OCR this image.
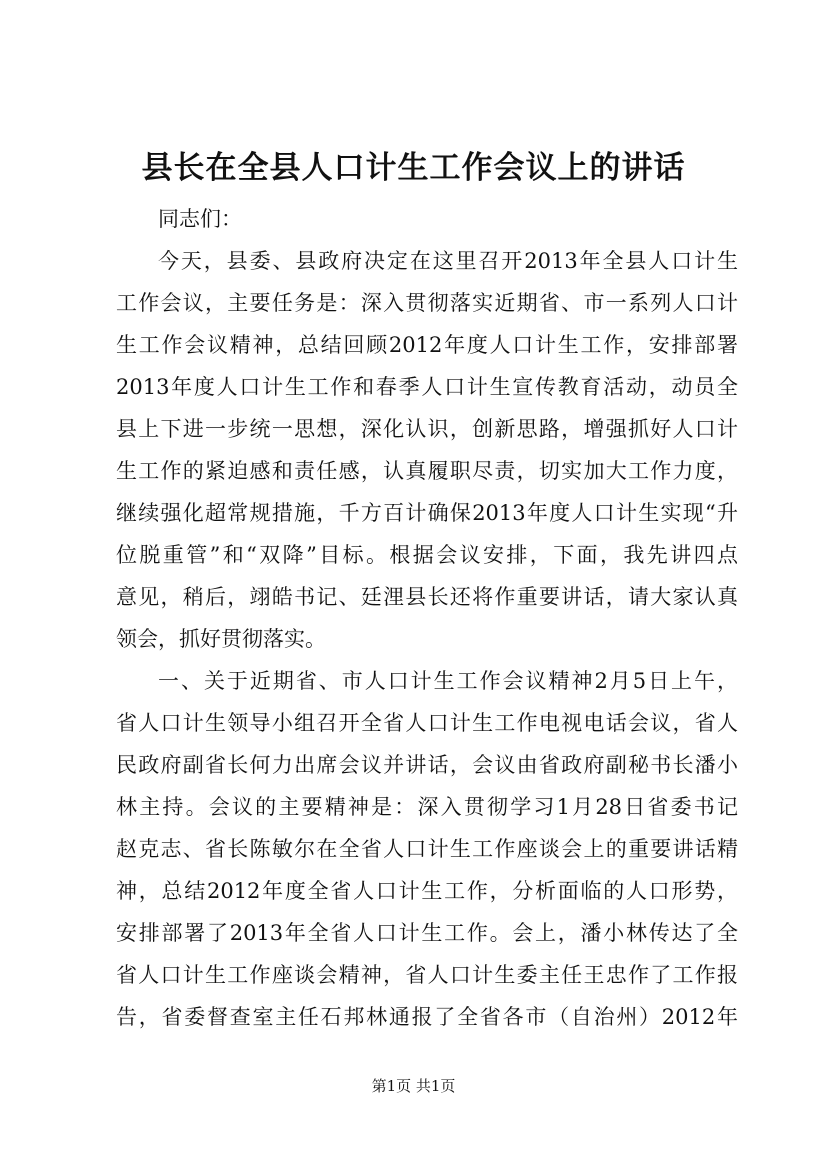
县长在全县人口计生工作会议上的讲话
同志们：
今天，县委、县政府决定在这里召开2013年全县人口计生
工作会议，主要任务是：深入贯彻落实近期省、市一系列人口计
生工作会议精神，总结回顾2012年度人口计生工作，安排部署
2013年度人口计生工作和春季人口计生宣传教育活动，动员全
县上下进一步统一思想，深化认识，创新思路，增强抓好人口计
生工作的紧迫感和责任感，认真履职尽责，切实加大工作力度，
继续强化超常规措施，千方百计确保2013年度人口计生实现“升
位脱重管”和“双降”目标。根据会议安排，下面，我先讲四点
意见，稍后，翊皓书记、廷浬县长还将作重要讲话，请大家认真
领会，抓好贯彻落实。
一、关于近期省、市人口计生工作会议精神2月5日上午，
省人口计生领导小组召开全省人口计生工作电视电话会议，省人
民政府副省长何力出席会议并讲话，会议由省政府副秘书长潘小
林主持。会议的主要精神是：深入贯彻学习1月28日省委书记
赵克志、省长陈敏尔在全省人口计生工作座谈会上的重要讲话精
神，总结2012年度全省人口计生工作，分析面临的人口形势，
安排部署了2013年全省人口计生工作。会上，潘小林传达了全
省人口计生工作座谈会精神，省人口计生委主任王忠作了工作报
告，省委督查室主任石邦林通报了全省各市（自治州）2012年
第1页 共1页
